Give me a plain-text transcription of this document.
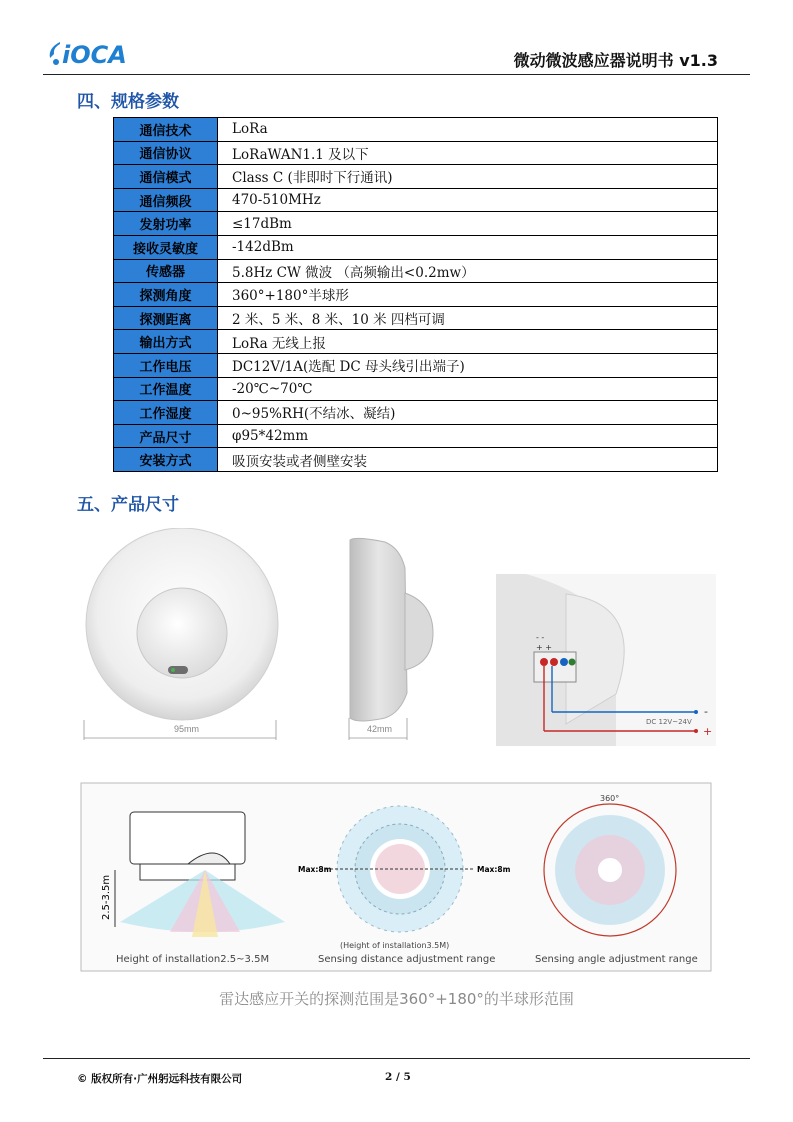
iOCA	微动微波感应器说明书 v1.3
四、规格参数
通信技术	LoRa
通信协议	LoRaWAN1.1 及以下
通信模式	Class C (非即时下行通讯)
通信频段	470-510MHz
发射功率	≤17dBm
接收灵敏度	-142dBm
传感器	5.8Hz CW 微波 （高频输出<0.2mw）
探测角度	360°+180°半球形
探测距离	2 米、5 米、8 米、10 米 四档可调
输出方式	LoRa 无线上报
工作电压	DC12V/1A(选配 DC 母头线引出端子)
工作温度	-20℃~70℃
工作湿度	0~95%RH(不结冰、凝结)
产品尺寸	φ95*42mm
安装方式	吸顶安装或者侧壁安装
五、产品尺寸
95mm	42mm
- -
+ +
-
+
DC 12V~24V
2.5-3.5m
Height of installation2.5~3.5M
Max:8m	Max:8m
(Height of installation3.5M)
Sensing distance adjustment range
360°
Sensing angle adjustment range
雷达感应开关的探测范围是360°+180°的半球形范围
© 版权所有·广州躬远科技有限公司	2 / 5
